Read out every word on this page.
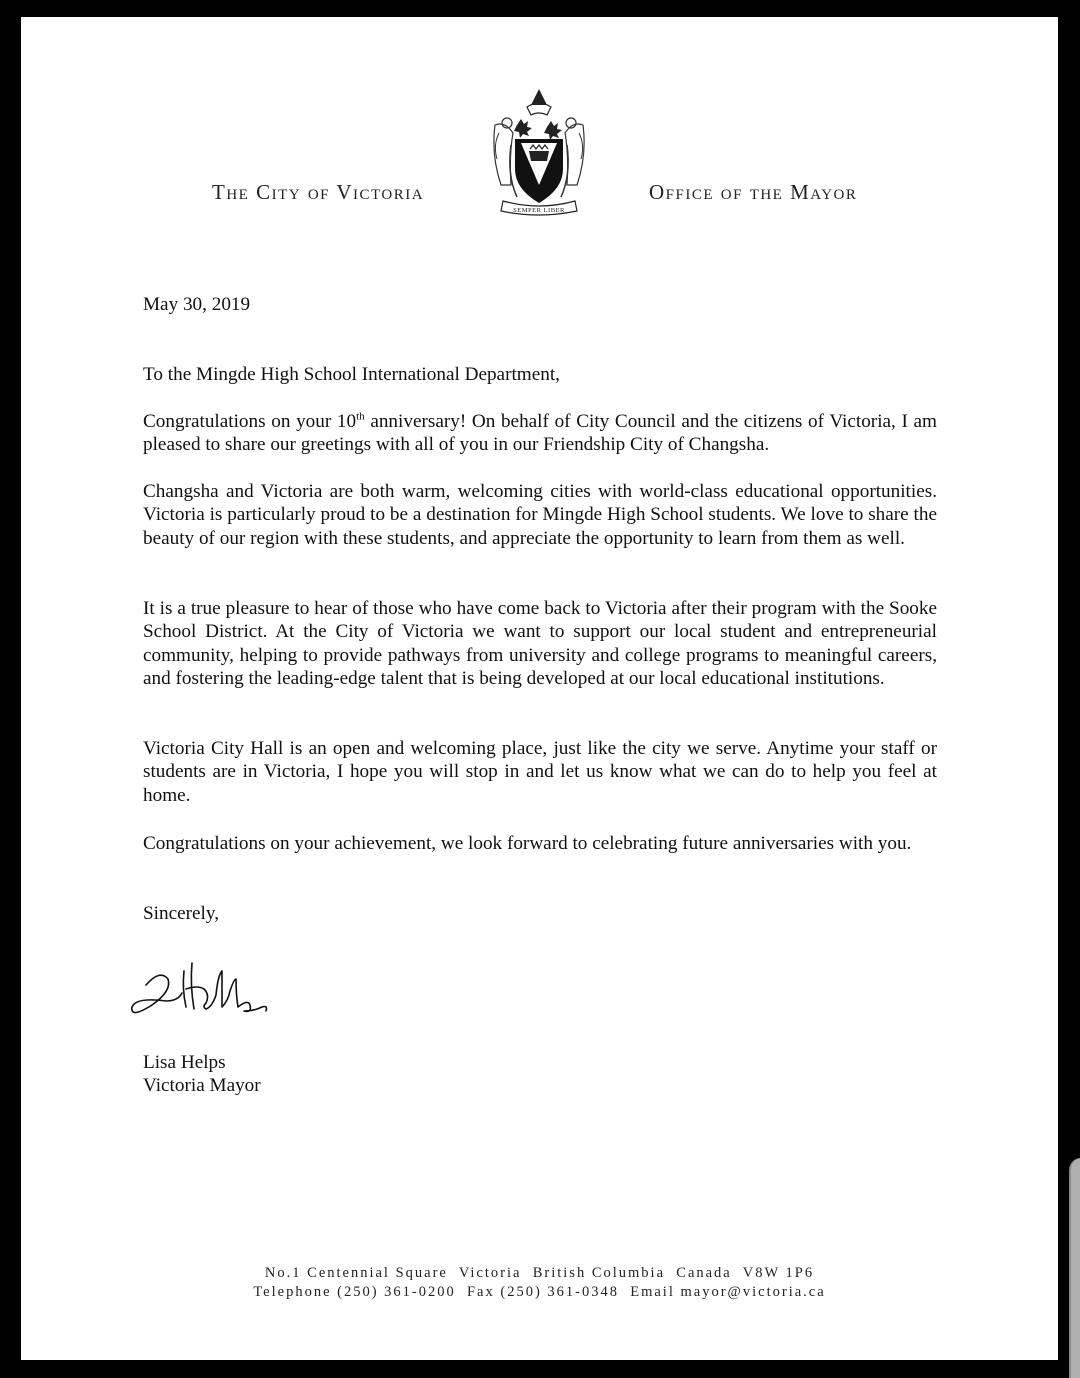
The City of Victoria
SEMPER LIBER
Office of the Mayor
May 30, 2019
To the Mingde High School International Department,

Congratulations on your 10th anniversary! On behalf of City Council and the citizens of Victoria, I am pleased to share our greetings with all of you in our Friendship City of Changsha.

Changsha and Victoria are both warm, welcoming cities with world-class educational opportunities. Victoria is particularly proud to be a destination for Mingde High School students. We love to share the beauty of our region with these students, and appreciate the opportunity to learn from them as well.

It is a true pleasure to hear of those who have come back to Victoria after their program with the Sooke School District. At the City of Victoria we want to support our local student and entrepreneurial community, helping to provide pathways from university and college programs to meaningful careers, and fostering the leading-edge talent that is being developed at our local educational institutions.

Victoria City Hall is an open and welcoming place, just like the city we serve. Anytime your staff or students are in Victoria, I hope you will stop in and let us know what we can do to help you feel at home.

Congratulations on your achievement, we look forward to celebrating future anniversaries with you.

Sincerely,
Lisa Helps
Victoria Mayor
No.1 Centennial Square  Victoria  British Columbia  Canada  V8W 1P6
Telephone (250) 361-0200  Fax (250) 361-0348  Email mayor@victoria.ca
